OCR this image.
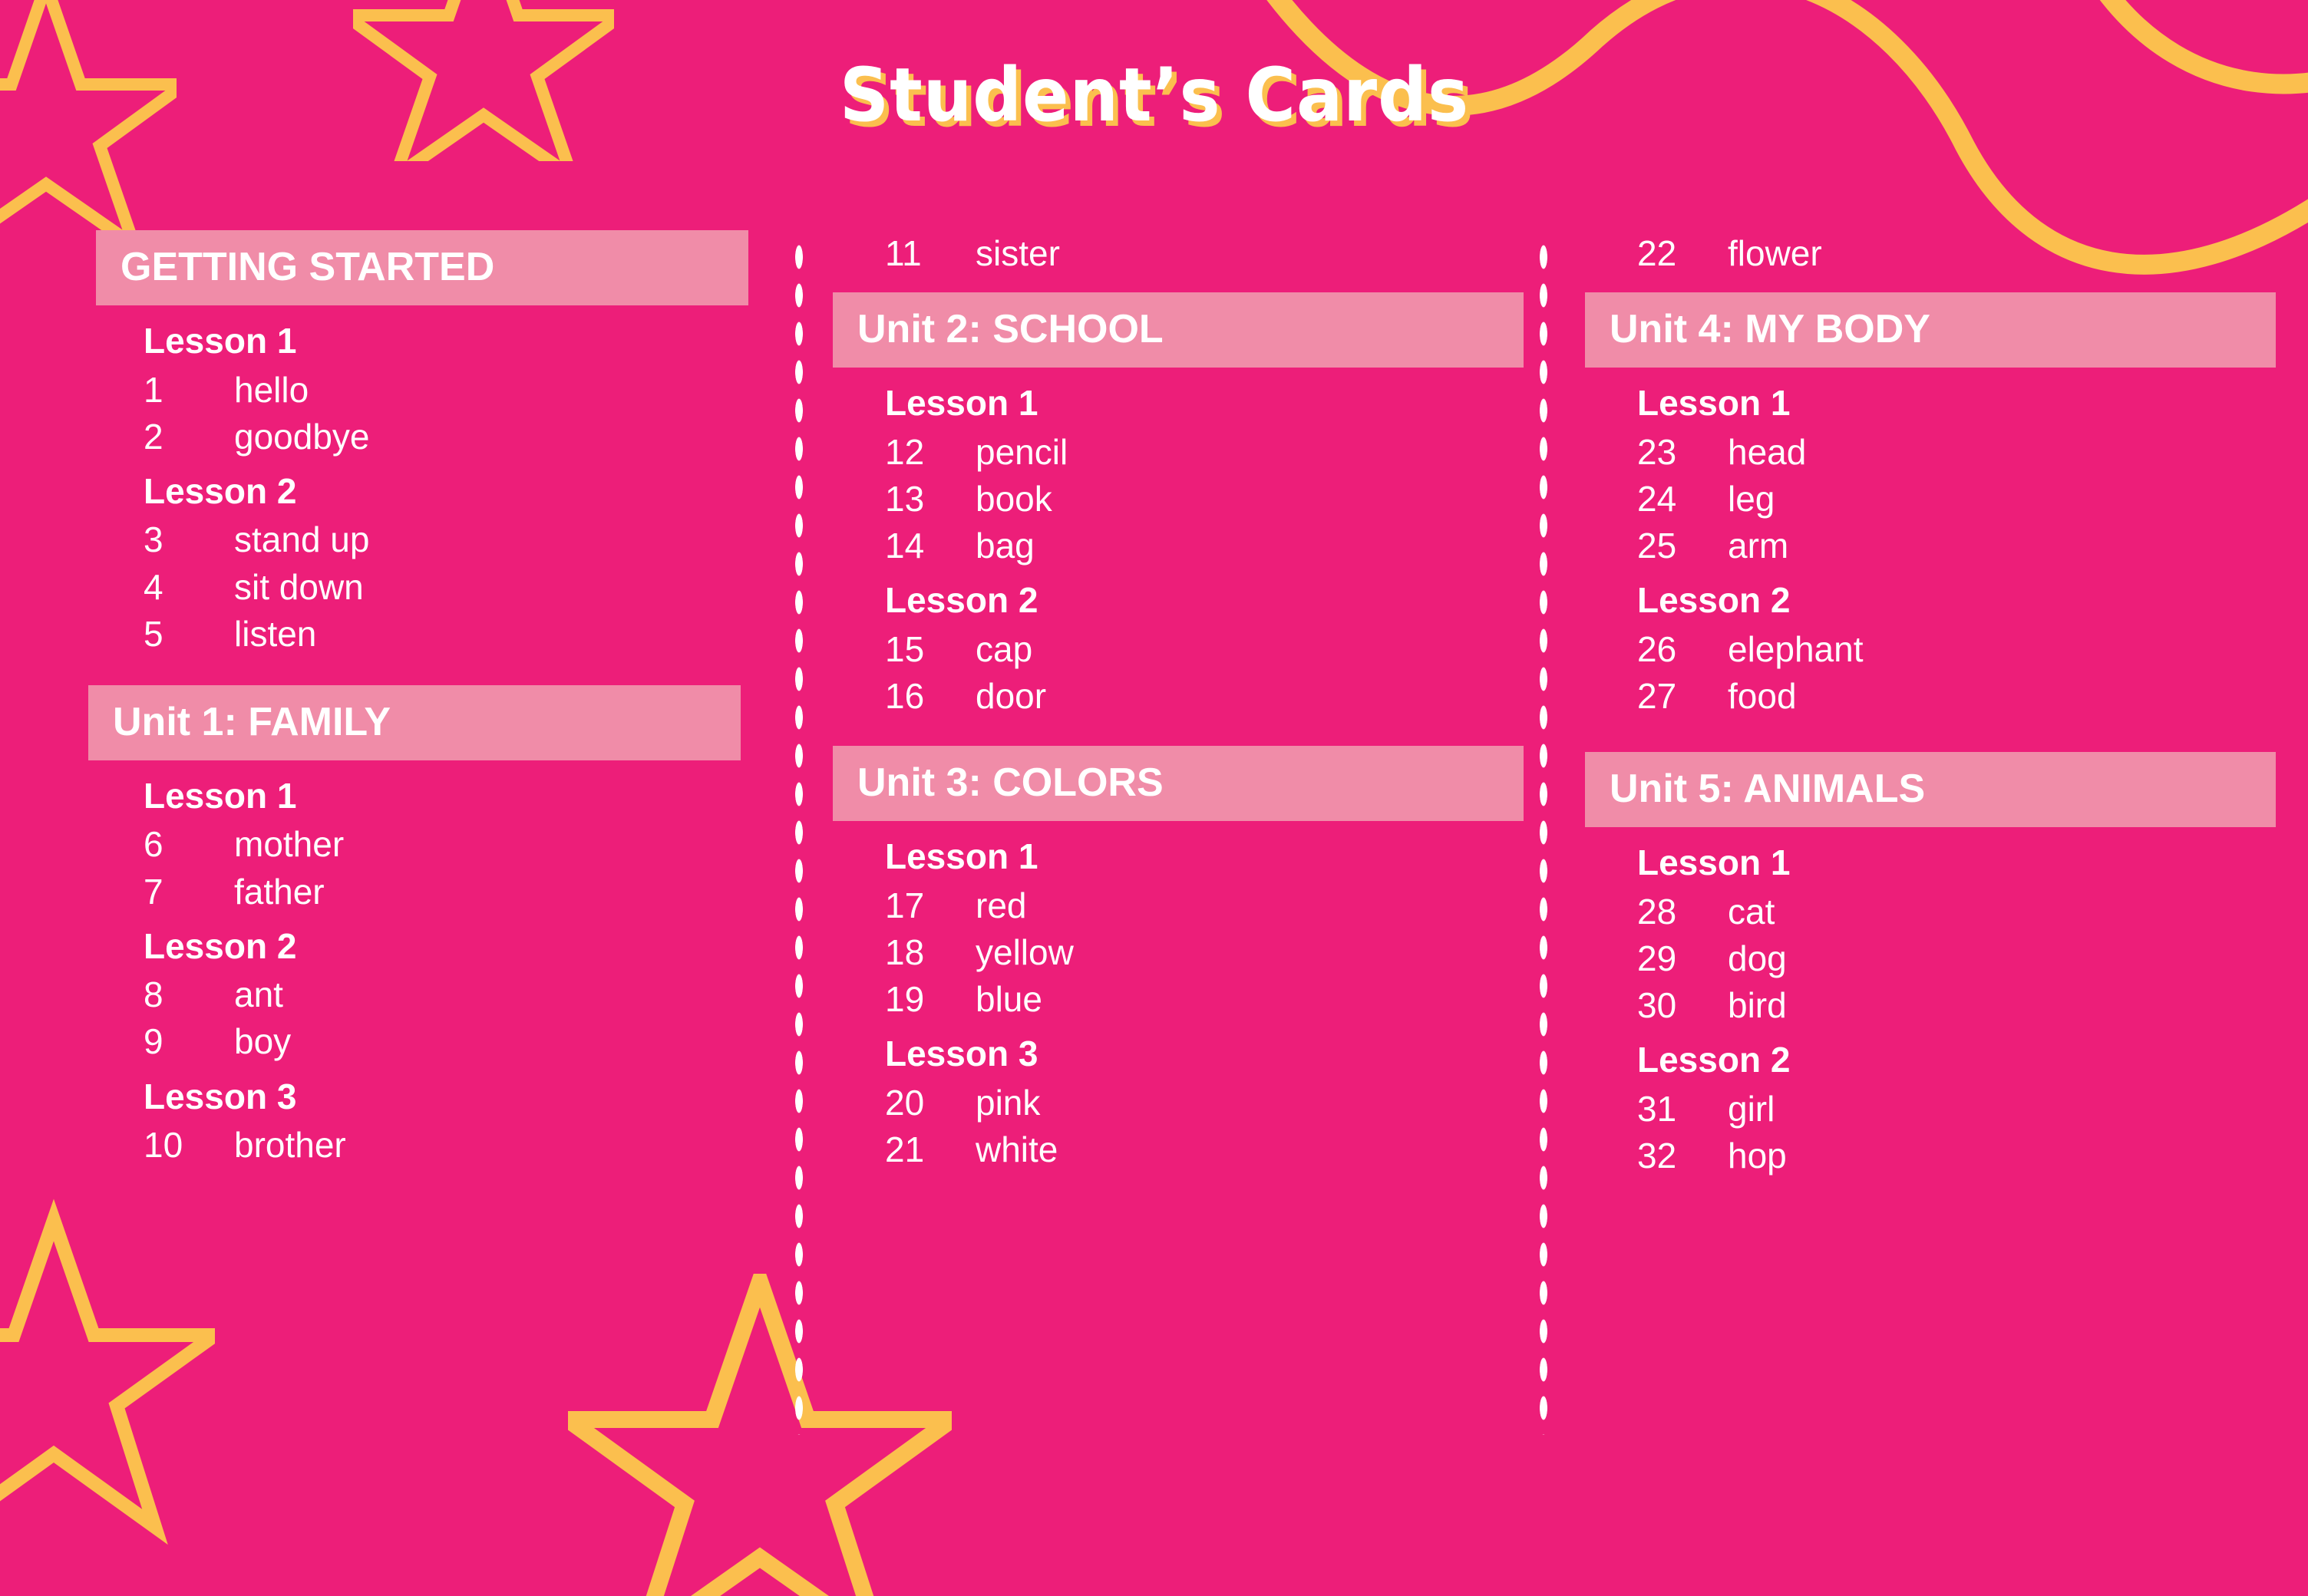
Student’s Cards
GETTING STARTED
Lesson 1
1	hello
2	goodbye
Lesson 2
3	stand up
4	sit down
5	listen
Unit 1: FAMILY
Lesson 1
6	mother
7	father
Lesson 2
8	ant
9	boy
Lesson 3
10	brother
11	sister
Unit 2: SCHOOL
Lesson 1
12	pencil
13	book
14	bag
Lesson 2
15	cap
16	door
Unit 3: COLORS
Lesson 1
17	red
18	yellow
19	blue
Lesson 3
20	pink
21	white
22	flower
Unit 4: MY BODY
Lesson 1
23	head
24	leg
25	arm
Lesson 2
26	elephant
27	food
Unit 5: ANIMALS
Lesson 1
28	cat
29	dog
30	bird
Lesson 2
31	girl
32	hop
